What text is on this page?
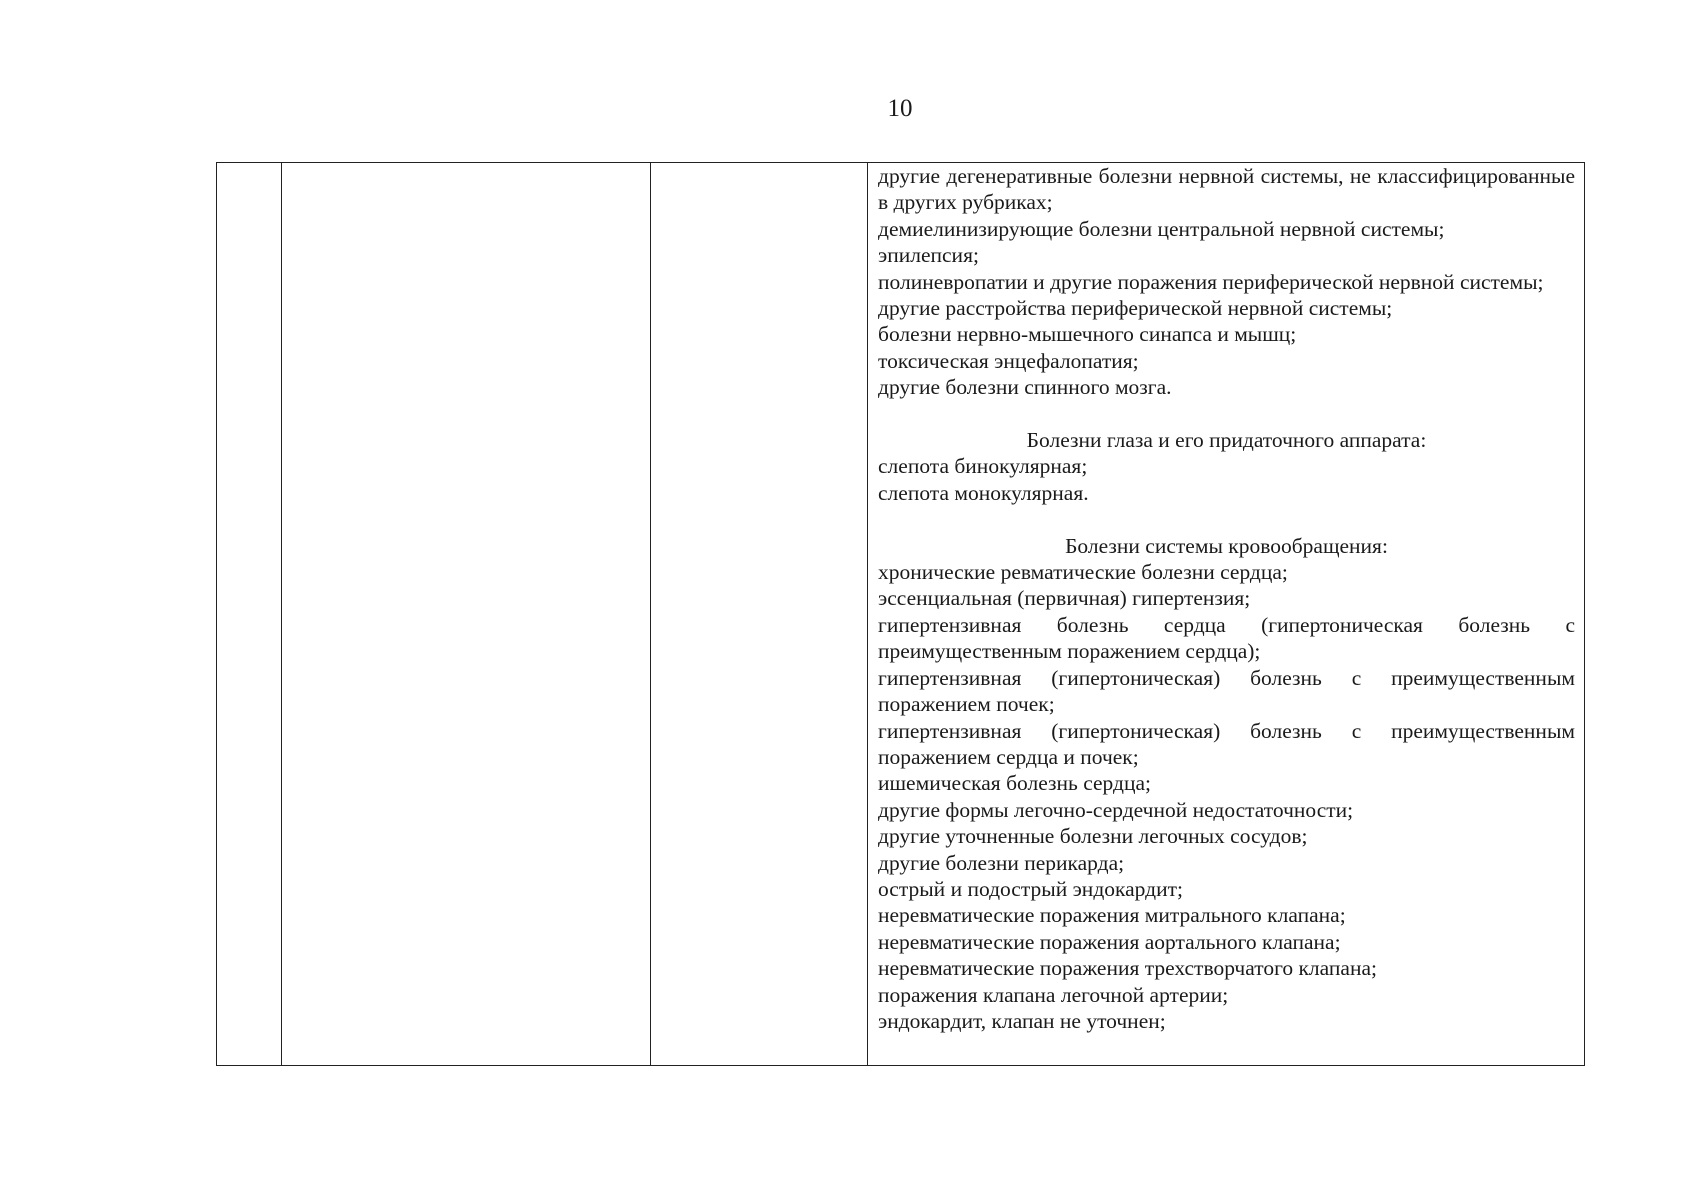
10

другие дегенеративные болезни нервной системы, не классифицированные в других рубриках;
демиелинизирующие болезни центральной нервной системы;
эпилепсия;
полиневропатии и другие поражения периферической нервной системы;
другие расстройства периферической нервной системы;
болезни нервно-мышечного синапса и мышц;
токсическая энцефалопатия;
другие болезни спинного мозга.
Болезни глаза и его придаточного аппарата:
слепота бинокулярная;
слепота монокулярная.
Болезни системы кровообращения:
хронические ревматические болезни сердца;
эссенциальная (первичная) гипертензия;
гипертензивная болезнь сердца (гипертоническая болезнь с преимущественным поражением сердца);
гипертензивная (гипертоническая) болезнь с преимущественным поражением почек;
гипертензивная (гипертоническая) болезнь с преимущественным поражением сердца и почек;
ишемическая болезнь сердца;
другие формы легочно-сердечной недостаточности;
другие уточненные болезни легочных сосудов;
другие болезни перикарда;
острый и подострый эндокардит;
неревматические поражения митрального клапана;
неревматические поражения аортального клапана;
неревматические поражения трехстворчатого клапана;
поражения клапана легочной артерии;
эндокардит, клапан не уточнен;
